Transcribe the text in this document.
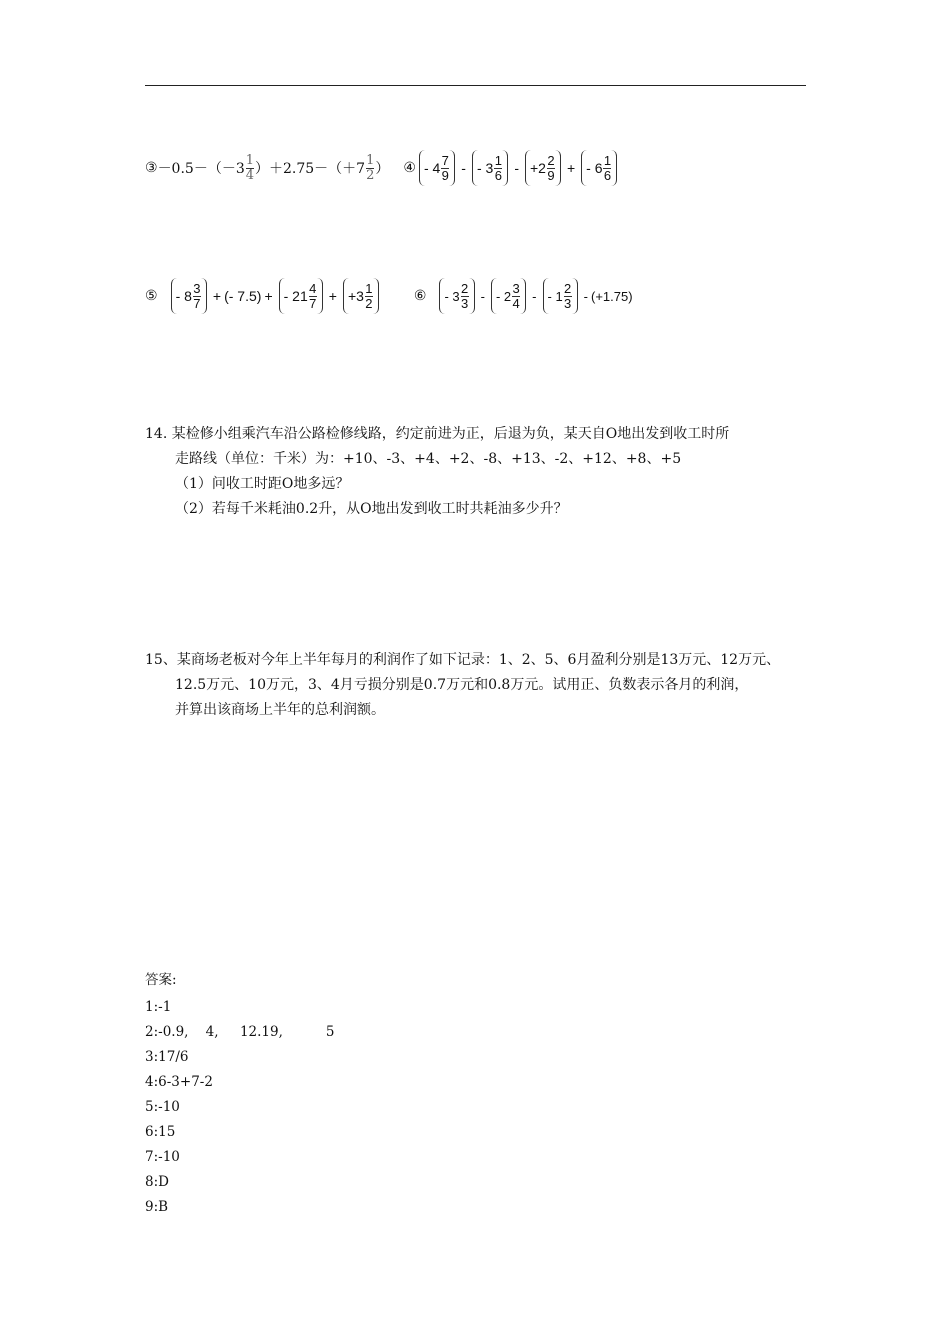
③ $-0.5-(-3 \frac{1}{4} )+2.75-(+7 \frac{1}{2}$ ） ④ - $4 \frac{7}{9}$ - - $3 \frac{1}{6} - +2 \frac{2}{9}$ + - $6 \frac{1}{6}$
⑤ - $8 \frac{3}{7}$ + (- 7.5) + - $21 \frac{4}{7} + +3 \frac{1}{2}$	⑥ - $3 \frac{2}{3}$ - - $2 \frac{3}{4}$ - - $1 \frac{2}{3} - (+1.75)$
14. 某检修小组乘汽车沿公路检修线路，约定前进为正，后退为负，某天自O地出发到收工时所
走路线（单位：千米）为：+10、-3、+4、+2、-8、+13、-2、+12、+8、+5
（1）问收工时距O地多远？
（2）若每千米耗油0.2升，从O地出发到收工时共耗油多少升？
15、某商场老板对今年上半年每月的利润作了如下记录：1、2、5、6月盈利分别是13万元、12万元、
12.5万元、10万元，3、4月亏损分别是0.7万元和0.8万元。试用正、负数表示各月的利润，
并算出该商场上半年的总利润额。
答案:
1:-1
2:-0.9,    4,     12.19,          5
3:17/6
4:6-3+7-2
5:-10
6:15
7:-10
8:D
9:B
